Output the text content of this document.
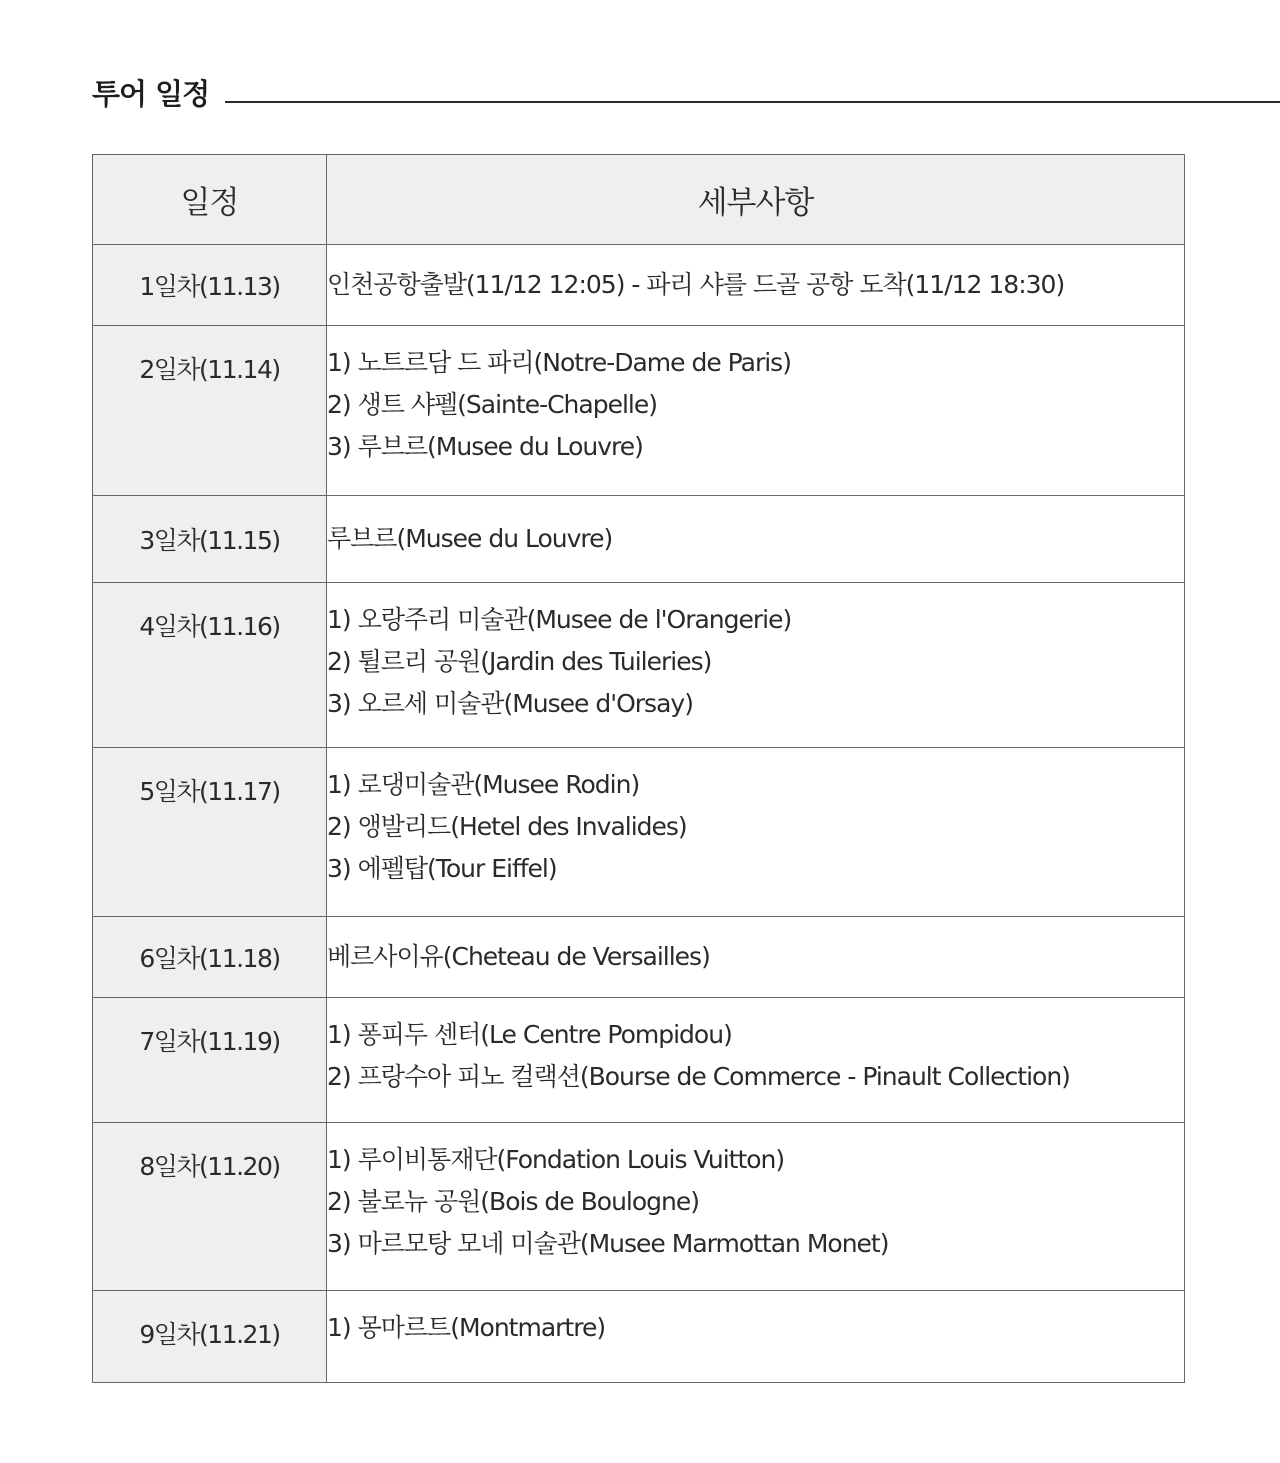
투어 일정
일정	세부사항
1일차(11.13)	인천공항출발(11/12 12:05) - 파리 샤를 드골 공항 도착(11/12 18:30)

2일차(11.14)	1) 노트르담 드 파리(Notre-Dame de Paris)
2) 생트 샤펠(Sainte-Chapelle)
3) 루브르(Musee du Louvre)

3일차(11.15)	루브르(Musee du Louvre)

4일차(11.16)	1) 오랑주리 미술관(Musee de l'Orangerie)
2) 튈르리 공원(Jardin des Tuileries)
3) 오르세 미술관(Musee d'Orsay)

5일차(11.17)	1) 로댕미술관(Musee Rodin)
2) 앵발리드(Hetel des Invalides)
3) 에펠탑(Tour Eiffel)

6일차(11.18)	베르사이유(Cheteau de Versailles)

7일차(11.19)	1) 퐁피두 센터(Le Centre Pompidou)
2) 프랑수아 피노 컬랙션(Bourse de Commerce - Pinault Collection)

8일차(11.20)	1) 루이비통재단(Fondation Louis Vuitton)
2) 불로뉴 공원(Bois de Boulogne)
3) 마르모탕 모네 미술관(Musee Marmottan Monet)

9일차(11.21)	1) 몽마르트(Montmartre)
